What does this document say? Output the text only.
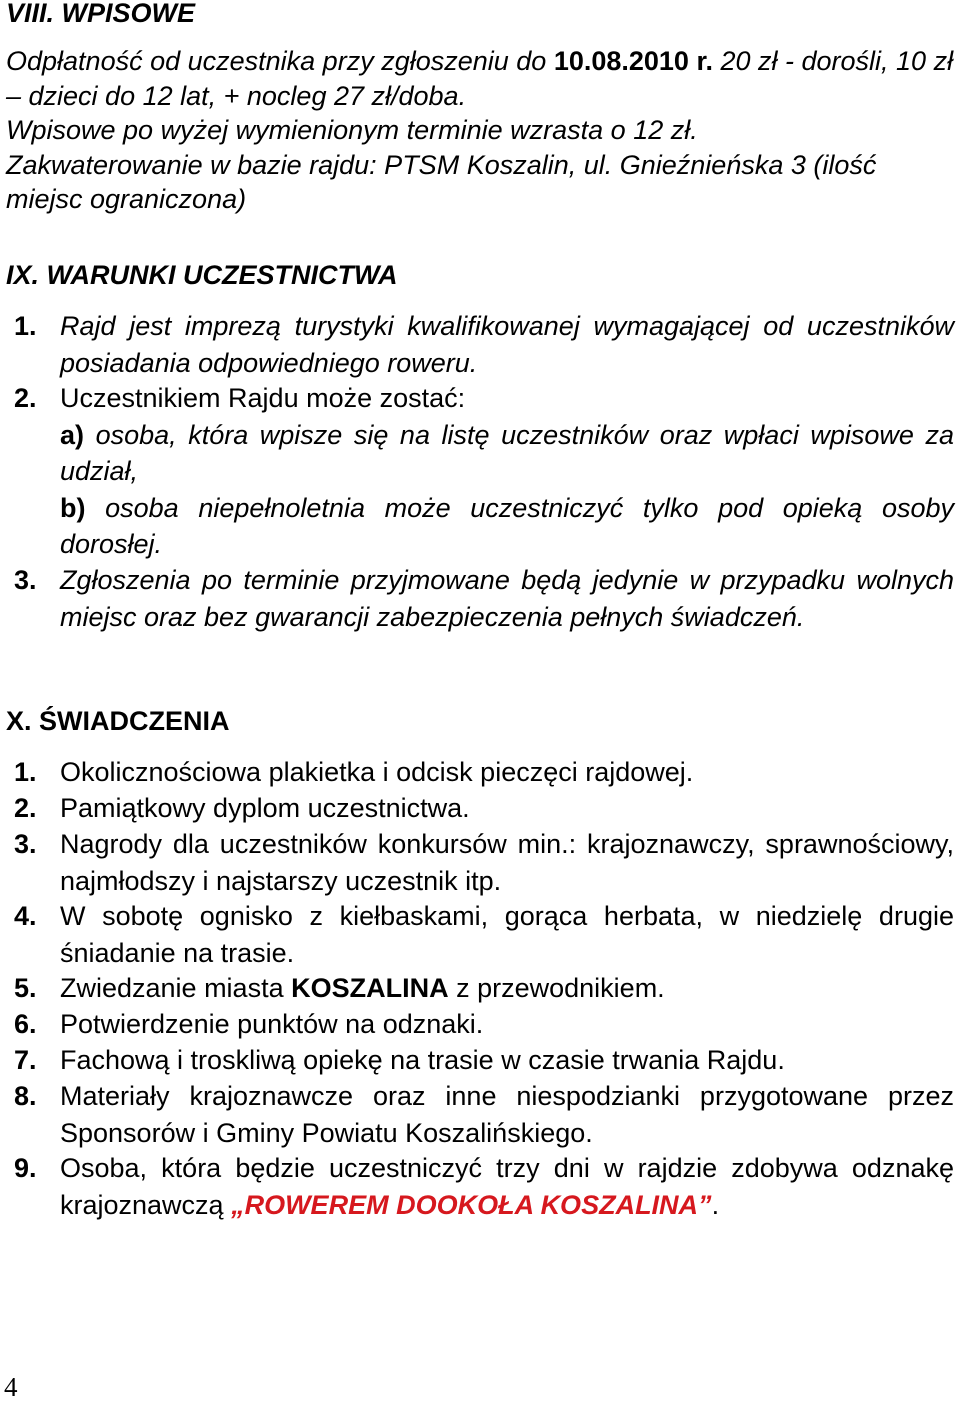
VIII. WPISOWE

Odpłatność od uczestnika przy zgłoszeniu do 10.08.2010 r. 20 zł - dorośli, 10 zł – dzieci do 12 lat, + nocleg 27 zł/doba.
Wpisowe po wyżej wymienionym terminie wzrasta o 12 zł.
Zakwaterowanie w bazie rajdu: PTSM Koszalin, ul. Gnieźnieńska 3 (ilość miejsc ograniczona)

IX. WARUNKI UCZESTNICTWA
1. Rajd jest imprezą turystyki kwalifikowanej wymagającej od uczestników posiadania odpowiedniego roweru.
2. Uczestnikiem Rajdu może zostać:
a) osoba, która wpisze się na listę uczestników oraz wpłaci wpisowe za udział,
b) osoba niepełnoletnia może uczestniczyć tylko pod opieką osoby dorosłej.
3. Zgłoszenia po terminie przyjmowane będą jedynie w przypadku wolnych miejsc oraz bez gwarancji zabezpieczenia pełnych świadczeń.
X. ŚWIADCZENIA
1. Okolicznościowa plakietka i odcisk pieczęci rajdowej.
2. Pamiątkowy dyplom uczestnictwa.
3. Nagrody dla uczestników konkursów min.: krajoznawczy, sprawnościowy, najmłodszy i najstarszy uczestnik itp.
4. W sobotę ognisko z kiełbaskami, gorąca herbata, w niedzielę drugie śniadanie na trasie.
5. Zwiedzanie miasta KOSZALINA z przewodnikiem.
6. Potwierdzenie punktów na odznaki.
7. Fachową i troskliwą opiekę na trasie w czasie trwania Rajdu.
8. Materiały krajoznawcze oraz inne niespodzianki przygotowane przez Sponsorów i Gminy Powiatu Koszalińskiego.
9. Osoba, która będzie uczestniczyć trzy dni w rajdzie zdobywa odznakę krajoznawczą „ROWEREM DOOKOŁA KOSZALINA”.
4
